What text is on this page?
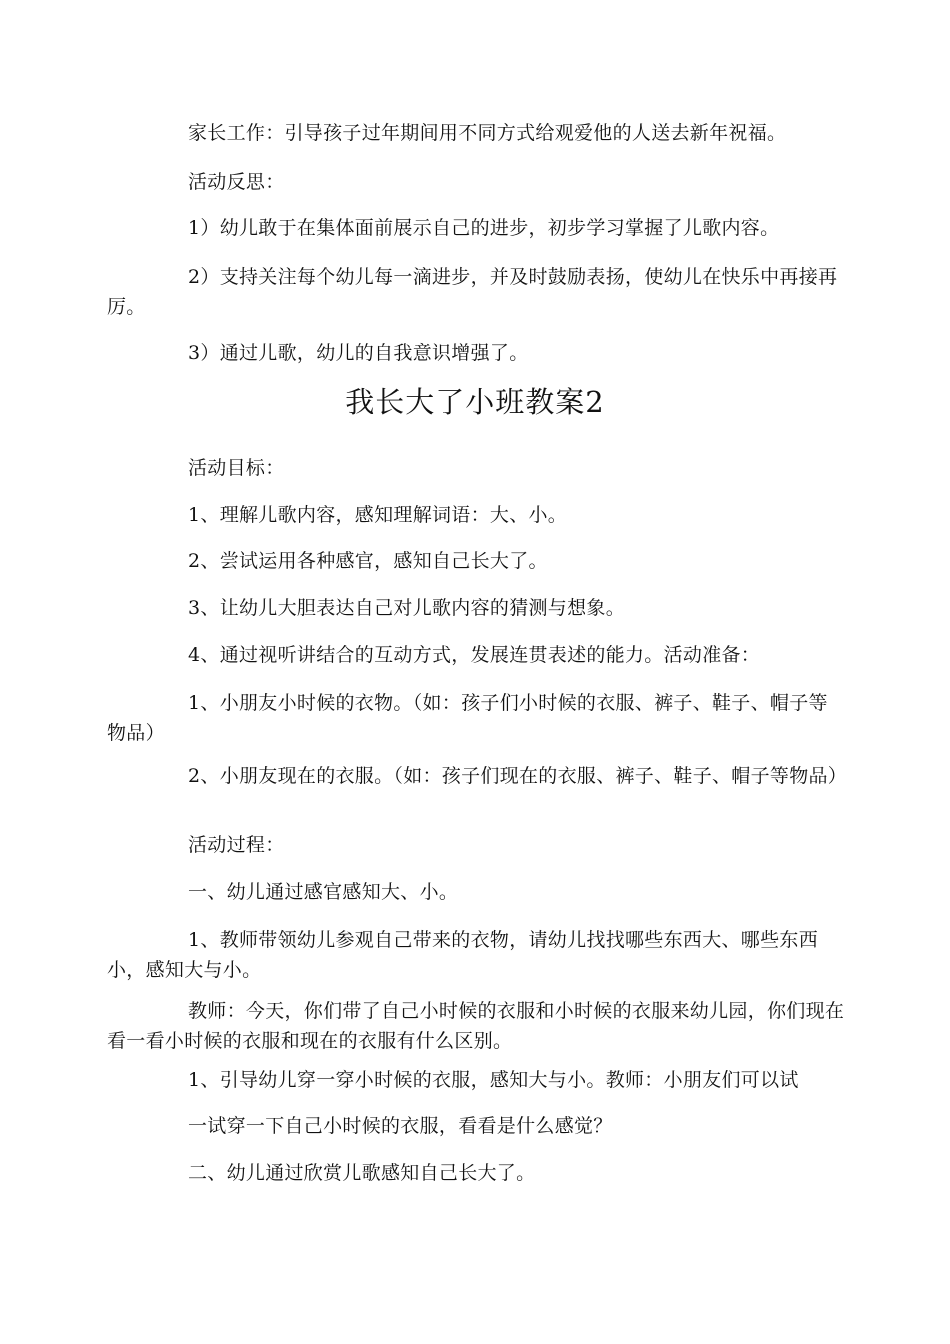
家长工作：引导孩子过年期间用不同方式给观爱他的人送去新年祝福。

活动反思：

1）幼儿敢于在集体面前展示自己的进步，初步学习掌握了儿歌内容。

2）支持关注每个幼儿每一滴进步，并及时鼓励表扬，使幼儿在快乐中再接再厉。

3）通过儿歌，幼儿的自我意识增强了。

我长大了小班教案2

活动目标：

1、理解儿歌内容，感知理解词语：大、小。

2、尝试运用各种感官，感知自己长大了。

3、让幼儿大胆表达自己对儿歌内容的猜测与想象。

4、通过视听讲结合的互动方式，发展连贯表述的能力。活动准备：

1、小朋友小时候的衣物。（如：孩子们小时候的衣服、裤子、鞋子、帽子等物品）

2、小朋友现在的衣服。（如：孩子们现在的衣服、裤子、鞋子、帽子等物品）

活动过程：

一、幼儿通过感官感知大、小。

1、教师带领幼儿参观自己带来的衣物，请幼儿找找哪些东西大、哪些东西小，感知大与小。

教师：今天，你们带了自己小时候的衣服和小时候的衣服来幼儿园，你们现在看一看小时候的衣服和现在的衣服有什么区别。

1、引导幼儿穿一穿小时候的衣服，感知大与小。教师：小朋友们可以试

一试穿一下自己小时候的衣服，看看是什么感觉？

二、幼儿通过欣赏儿歌感知自己长大了。
